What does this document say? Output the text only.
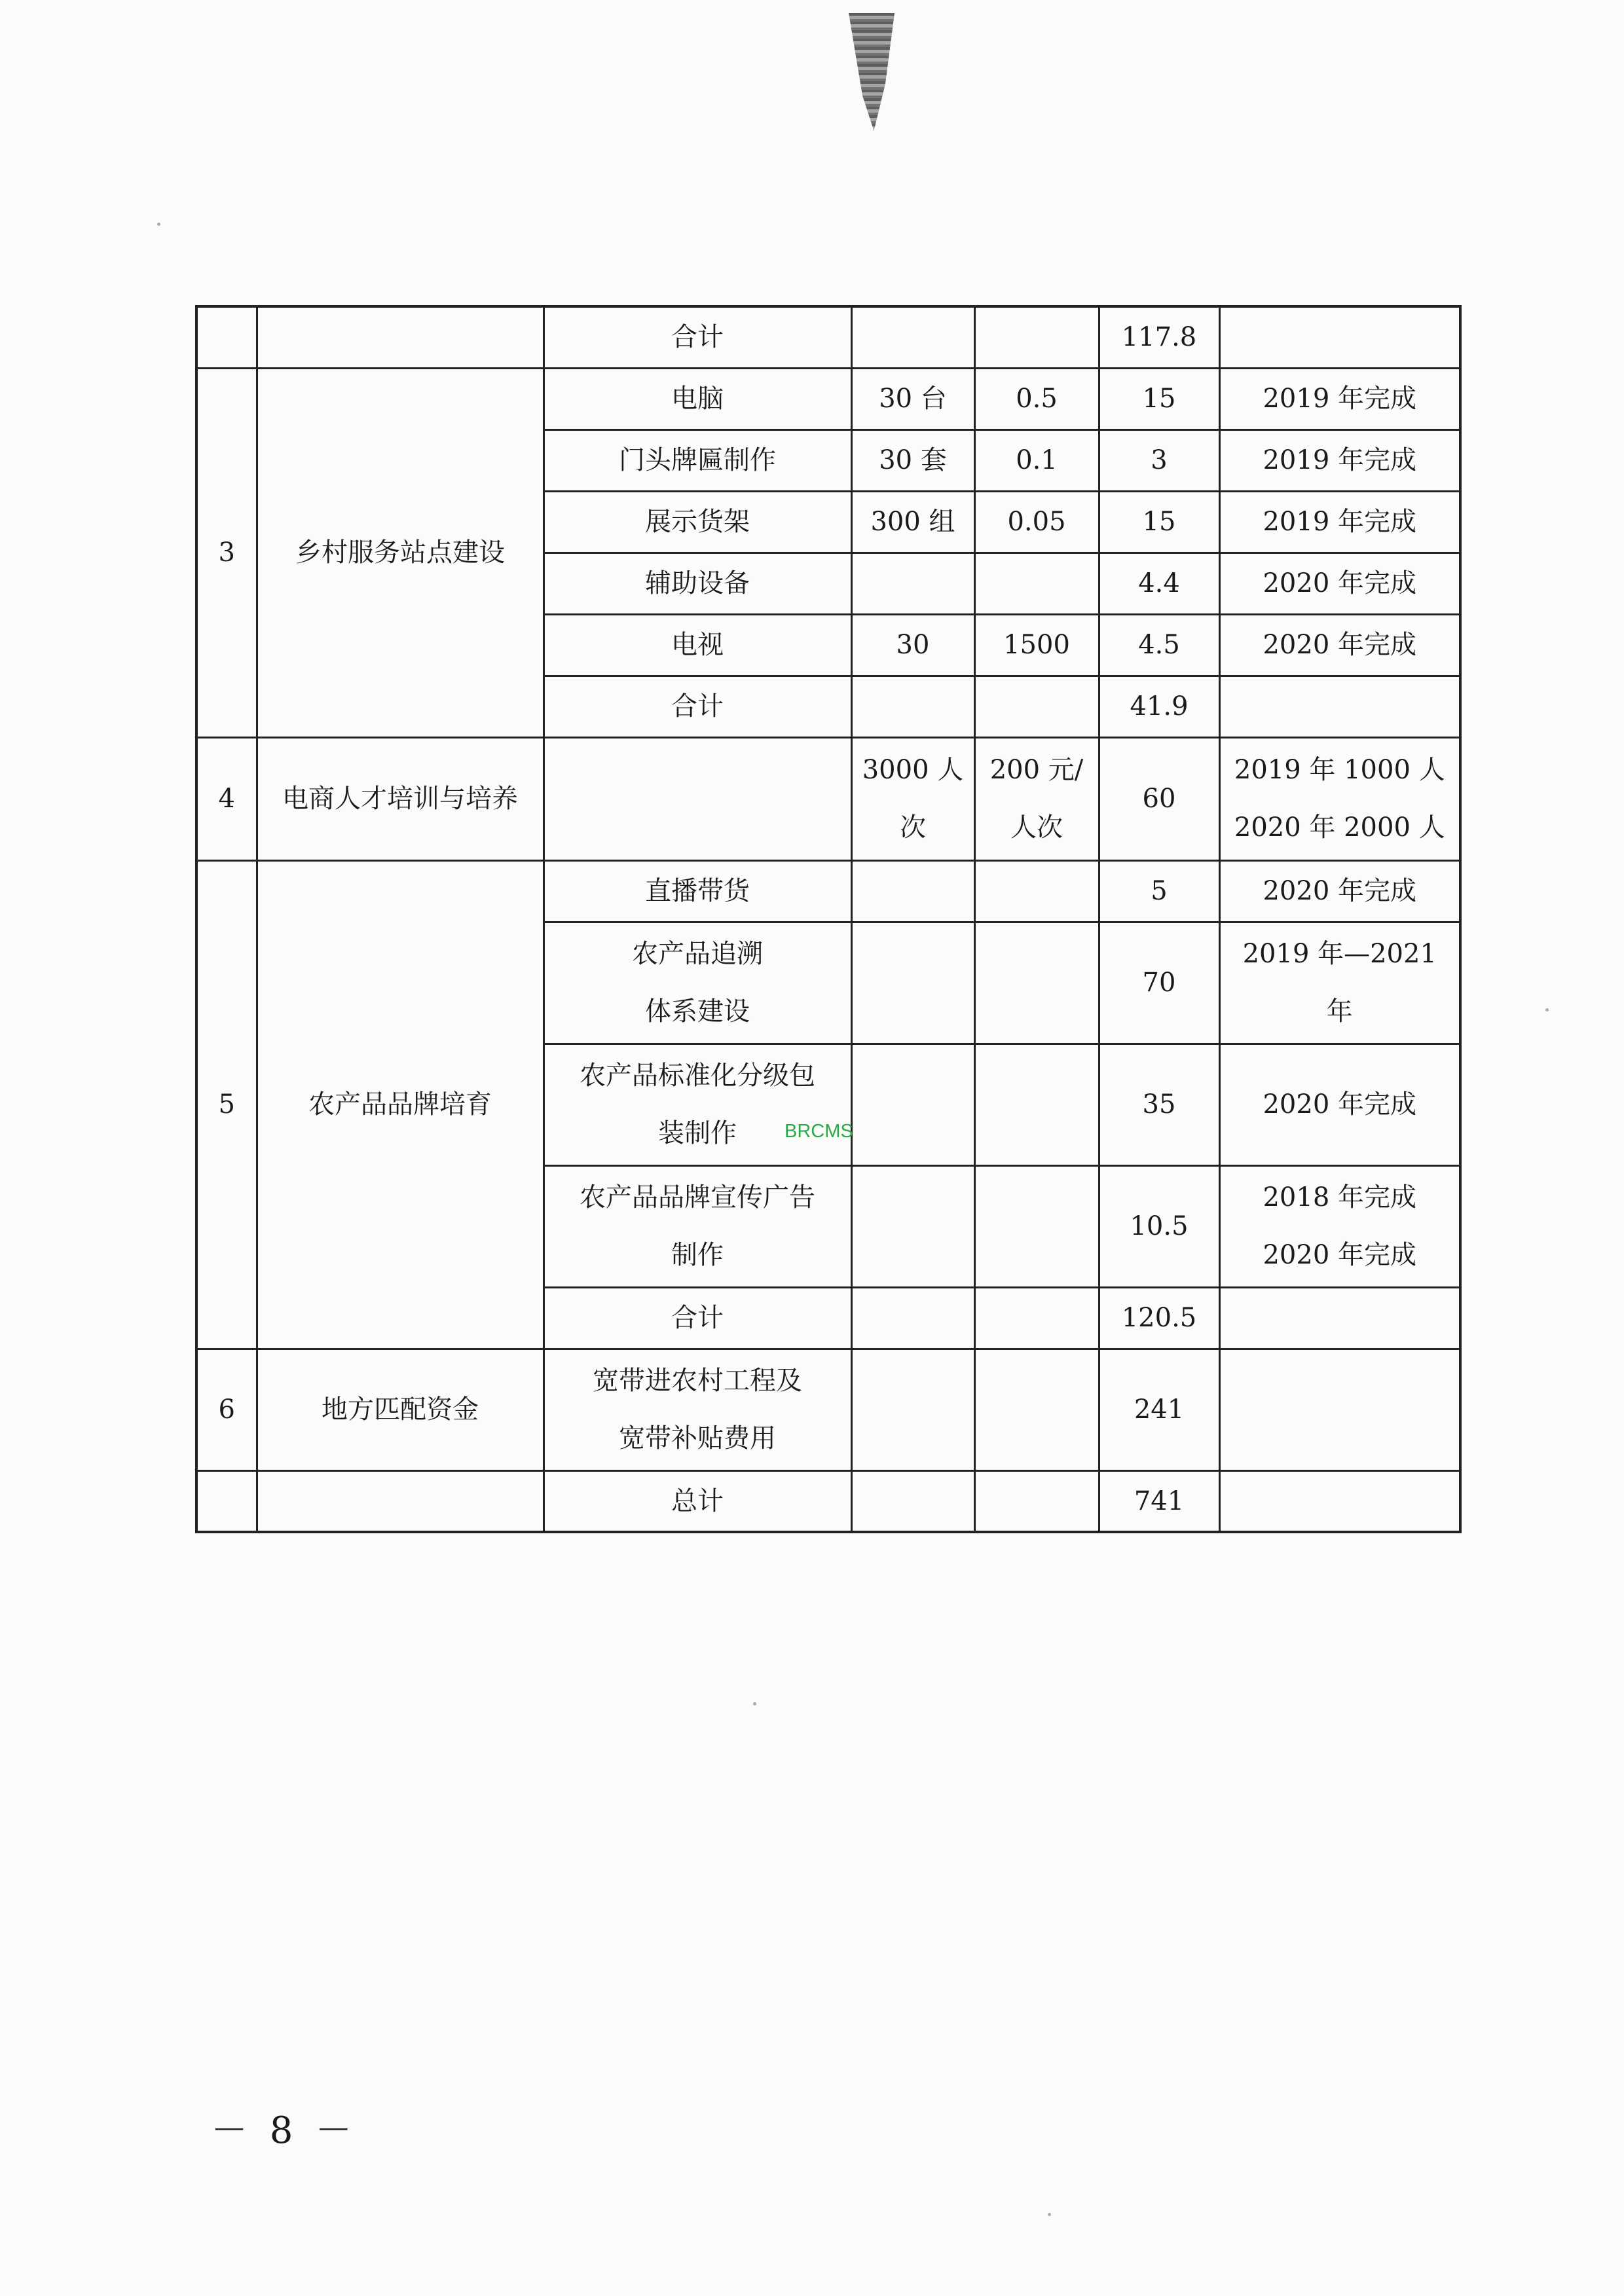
		合计			117.8	

3	乡村服务站点建设	电脑	30 台	0.5	15	2019 年完成

		门头牌匾制作	30 套	0.1	3	2019 年完成

		展示货架	300 组	0.05	15	2019 年完成

		辅助设备			4.4	2020 年完成

		电视	30	1500	4.5	2020 年完成

		合计			41.9	

4	电商人才培训与培养		3000 人
次	200 元/
人次	60	2019 年 1000 人
2020 年 2000 人

5	农产品品牌培育	直播带货			5	2020 年完成

		农产品追溯
体系建设			70	2019 年—2021
年

		农产品标准化分级包
装制作			35	2020 年完成

		农产品品牌宣传广告
制作			10.5	2018 年完成
2020 年完成

		合计			120.5	

6	地方匹配资金	宽带进农村工程及
宽带补贴费用			241	

		总计			741	

BRCMS
－ 8 －
